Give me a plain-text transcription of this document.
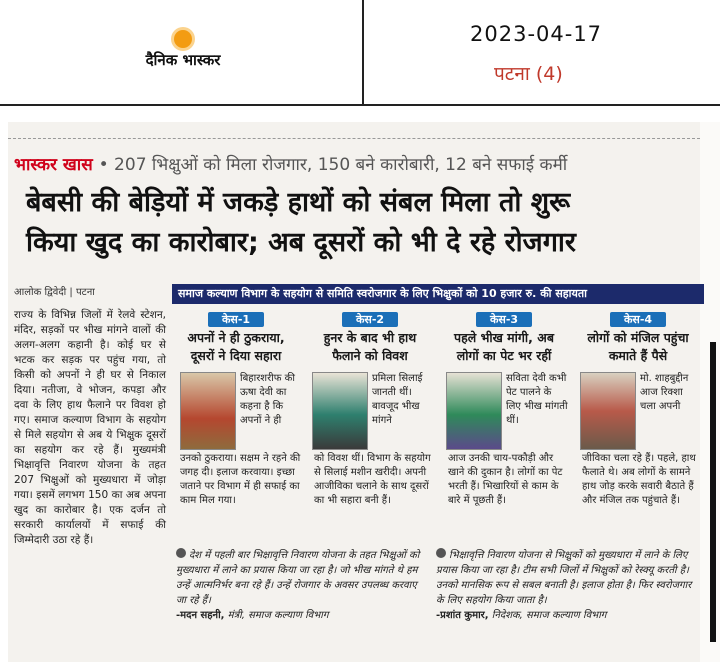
दैनिक भास्कर
2023-04-17
पटना (4)
भास्कर खास • 207 भिक्षुओं को मिला रोजगार, 150 बने कारोबारी, 12 बने सफाई कर्मी
बेबसी की बेड़ियों में जकड़े हाथों को संबल मिला तो शुरू
किया खुद का कारोबार; अब दूसरों को भी दे रहे रोजगार
आलोक द्विवेदी | पटना	समाज कल्याण विभाग के सहयोग से समिति स्वरोजगार के लिए भिक्षुकों को 10 हजार रु. की सहायता
राज्य के विभिन्न जिलों में रेलवे स्टेशन, मंदिर, सड़कों पर भीख मांगने वालों की अलग-अलग कहानी है। कोई घर से भटक कर सड़क पर पहुंच गया, तो किसी को अपनों ने ही घर से निकाल दिया। नतीजा, वे भोजन, कपड़ा और दवा के लिए हाथ फैलाने पर विवश हो गए। समाज कल्याण विभाग के सहयोग से मिले सहयोग से अब ये भिक्षुक दूसरों का सहयोग कर रहे हैं। मुख्यमंत्री भिक्षावृत्ति निवारण योजना के तहत 207 भिक्षुओं को मुख्यधारा में जोड़ा गया। इसमें लगभग 150 का अब अपना खुद का कारोबार है। एक दर्जन तो सरकारी कार्यालयों में सफाई की जिम्मेदारी उठा रहे हैं।
केस-1
अपनों ने ही ठुकराया, दूसरों ने दिया सहारा
बिहारशरीफ की ऊषा देवी का कहना है कि अपनों ने ही
उनको ठुकराया। सक्षम ने रहने की जगह दी। इलाज करवाया। इच्छा जताने पर विभाग में ही सफाई का काम मिल गया।
केस-2
हुनर के बाद भी हाथ फैलाने को विवश
प्रमिला सिलाई जानती थीं। बावजूद भीख मांगने
को विवश थीं। विभाग के सहयोग से सिलाई मशीन खरीदी। अपनी आजीविका चलाने के साथ दूसरों का भी सहारा बनी हैं।
केस-3
पहले भीख मांगी, अब लोगों का पेट भर रहीं
सविता देवी कभी पेट पालने के लिए भीख मांगती थीं।
आज उनकी चाय-पकौड़ी और खाने की दुकान है। लोगों का पेट भरती हैं। भिखारियों से काम के बारे में पूछती हैं।
केस-4
लोगों को मंजिल पहुंचा कमाते हैं पैसे
मो. शाहबुद्दीन आज रिक्शा चला अपनी
जीविका चला रहे हैं। पहले, हाथ फैलाते थे। अब लोगों के सामने हाथ जोड़ करके सवारी बैठाते हैं और मंजिल तक पहुंचाते हैं।
देश में पहली बार भिक्षावृत्ति निवारण योजना के तहत भिक्षुओं को मुख्यधारा में लाने का प्रयास किया जा रहा है। जो भीख मांगते थे हम उन्हें आत्मनिर्भर बना रहे हैं। उन्हें रोजगार के अवसर उपलब्ध करवाए जा रहे हैं।
-मदन सहनी, मंत्री, समाज कल्याण विभाग
भिक्षावृत्ति निवारण योजना से भिक्षुकों को मुख्यधारा में लाने के लिए प्रयास किया जा रहा है। टीम सभी जिलों में भिक्षुकों को रेस्क्यू करती है। उनको मानसिक रूप से सबल बनाती है। इलाज होता है। फिर स्वरोजगार के लिए सहयोग किया जाता है।
-प्रशांत कुमार, निदेशक, समाज कल्याण विभाग
